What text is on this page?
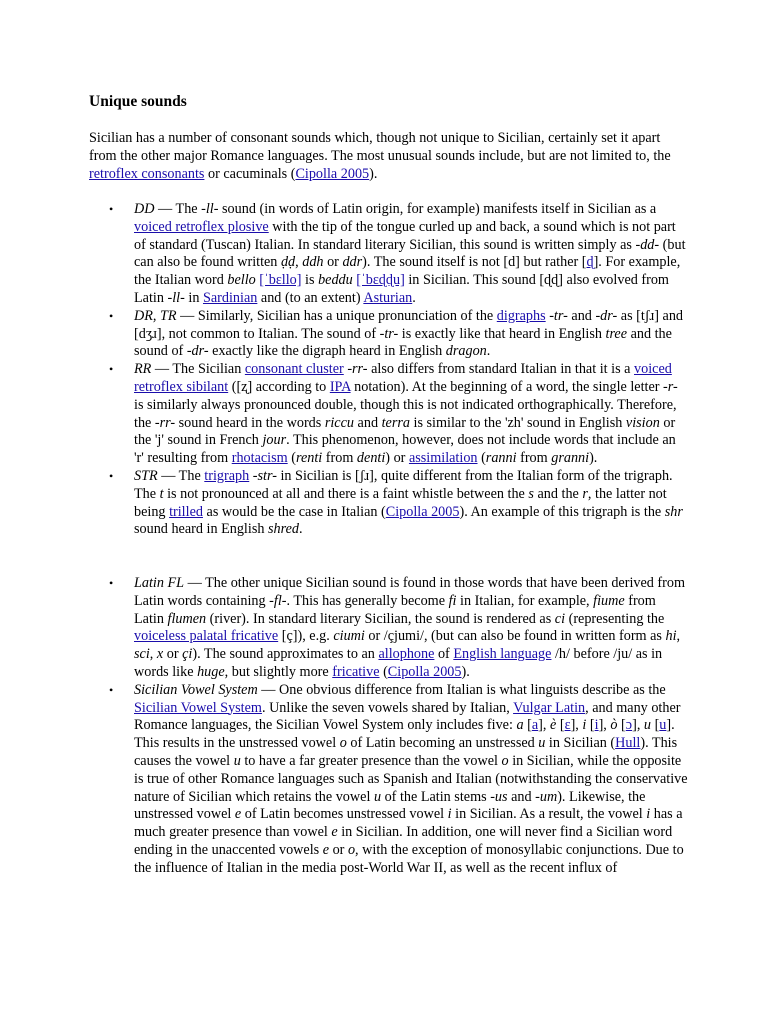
Unique sounds

Sicilian has a number of consonant sounds which, though not unique to Sicilian, certainly set it apart from the other major Romance languages. The most unusual sounds include, but are not limited to, the retroflex consonants or cacuminals (Cipolla 2005).

• DD — The -ll- sound (in words of Latin origin, for example) manifests itself in Sicilian as a voiced retroflex plosive with the tip of the tongue curled up and back, a sound which is not part of standard (Tuscan) Italian. In standard literary Sicilian, this sound is written simply as -dd- (but can also be found written ḍḍ, ddh or ddr). The sound itself is not [d] but rather [ɖ]. For example, the Italian word bello [ˈbɛllo] is beddu [ˈbɛɖɖu] in Sicilian. This sound [ɖɖ] also evolved from Latin -ll- in Sardinian and (to an extent) Asturian.
• DR, TR — Similarly, Sicilian has a unique pronunciation of the digraphs -tr- and -dr- as [tʃɹ] and [dʒɹ], not common to Italian. The sound of -tr- is exactly like that heard in English tree and the sound of -dr- exactly like the digraph heard in English dragon.
• RR — The Sicilian consonant cluster -rr- also differs from standard Italian in that it is a voiced retroflex sibilant ([ʐ] according to IPA notation). At the beginning of a word, the single letter -r- is similarly always pronounced double, though this is not indicated orthographically. Therefore, the -rr- sound heard in the words riccu and terra is similar to the 'zh' sound in English vision or the 'j' sound in French jour. This phenomenon, however, does not include words that include an 'r' resulting from rhotacism (renti from denti) or assimilation (ranni from granni).
• STR — The trigraph -str- in Sicilian is [ʃɹ], quite different from the Italian form of the trigraph. The t is not pronounced at all and there is a faint whistle between the s and the r, the latter not being trilled as would be the case in Italian (Cipolla 2005). An example of this trigraph is the shr sound heard in English shred.
• Latin FL — The other unique Sicilian sound is found in those words that have been derived from Latin words containing -fl-. This has generally become fi in Italian, for example, fiume from Latin flumen (river). In standard literary Sicilian, the sound is rendered as ci (representing the voiceless palatal fricative [ç]), e.g. ciumi or /çjumi/, (but can also be found in written form as hi, sci, x or çi). The sound approximates to an allophone of English language /h/ before /ju/ as in words like huge, but slightly more fricative (Cipolla 2005).
• Sicilian Vowel System — One obvious difference from Italian is what linguists describe as the Sicilian Vowel System. Unlike the seven vowels shared by Italian, Vulgar Latin, and many other Romance languages, the Sicilian Vowel System only includes five: a [a], è [ɛ], i [i], ò [ɔ], u [u]. This results in the unstressed vowel o of Latin becoming an unstressed u in Sicilian (Hull). This causes the vowel u to have a far greater presence than the vowel o in Sicilian, while the opposite is true of other Romance languages such as Spanish and Italian (notwithstanding the conservative nature of Sicilian which retains the vowel u of the Latin stems -us and -um). Likewise, the unstressed vowel e of Latin becomes unstressed vowel i in Sicilian. As a result, the vowel i has a much greater presence than vowel e in Sicilian. In addition, one will never find a Sicilian word ending in the unaccented vowels e or o, with the exception of monosyllabic conjunctions. Due to the influence of Italian in the media post-World War II, as well as the recent influx of
